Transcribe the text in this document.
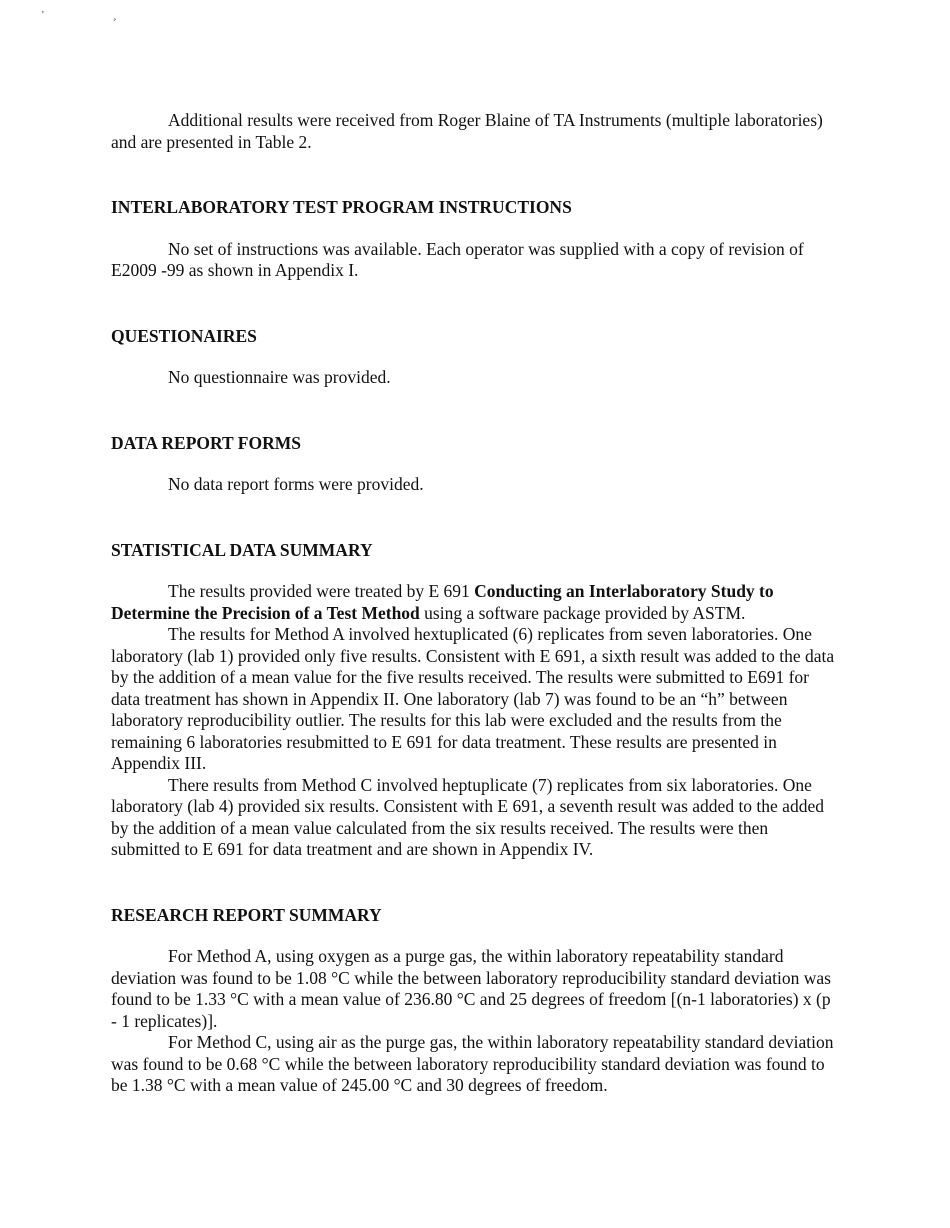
'	¸

Additional results were received from Roger Blaine of TA Instruments (multiple laboratories) and are presented in Table 2.

INTERLABORATORY TEST PROGRAM INSTRUCTIONS

No set of instructions was available. Each operator was supplied with a copy of revision of E2009 -99 as shown in Appendix I.

QUESTIONAIRES

No questionnaire was provided.

DATA REPORT FORMS

No data report forms were provided.

STATISTICAL DATA SUMMARY

The results provided were treated by E 691 Conducting an Interlaboratory Study to Determine the Precision of a Test Method using a software package provided by ASTM.

The results for Method A involved hextuplicated (6) replicates from seven laboratories. One laboratory (lab 1) provided only five results. Consistent with E 691, a sixth result was added to the data by the addition of a mean value for the five results received. The results were submitted to E691 for data treatment has shown in Appendix II. One laboratory (lab 7) was found to be an “h” between laboratory reproducibility outlier. The results for this lab were excluded and the results from the remaining 6 laboratories resubmitted to E 691 for data treatment. These results are presented in Appendix III.

There results from Method C involved heptuplicate (7) replicates from six laboratories. One laboratory (lab 4) provided six results. Consistent with E 691, a seventh result was added to the added by the addition of a mean value calculated from the six results received. The results were then submitted to E 691 for data treatment and are shown in Appendix IV.

RESEARCH REPORT SUMMARY

For Method A, using oxygen as a purge gas, the within laboratory repeatability standard deviation was found to be 1.08 °C while the between laboratory reproducibility standard deviation was found to be 1.33 °C with a mean value of 236.80 °C and 25 degrees of freedom [(n-1 laboratories) x (p - 1 replicates)].

For Method C, using air as the purge gas, the within laboratory repeatability standard deviation was found to be 0.68 °C while the between laboratory reproducibility standard deviation was found to be 1.38 °C with a mean value of 245.00 °C and 30 degrees of freedom.
